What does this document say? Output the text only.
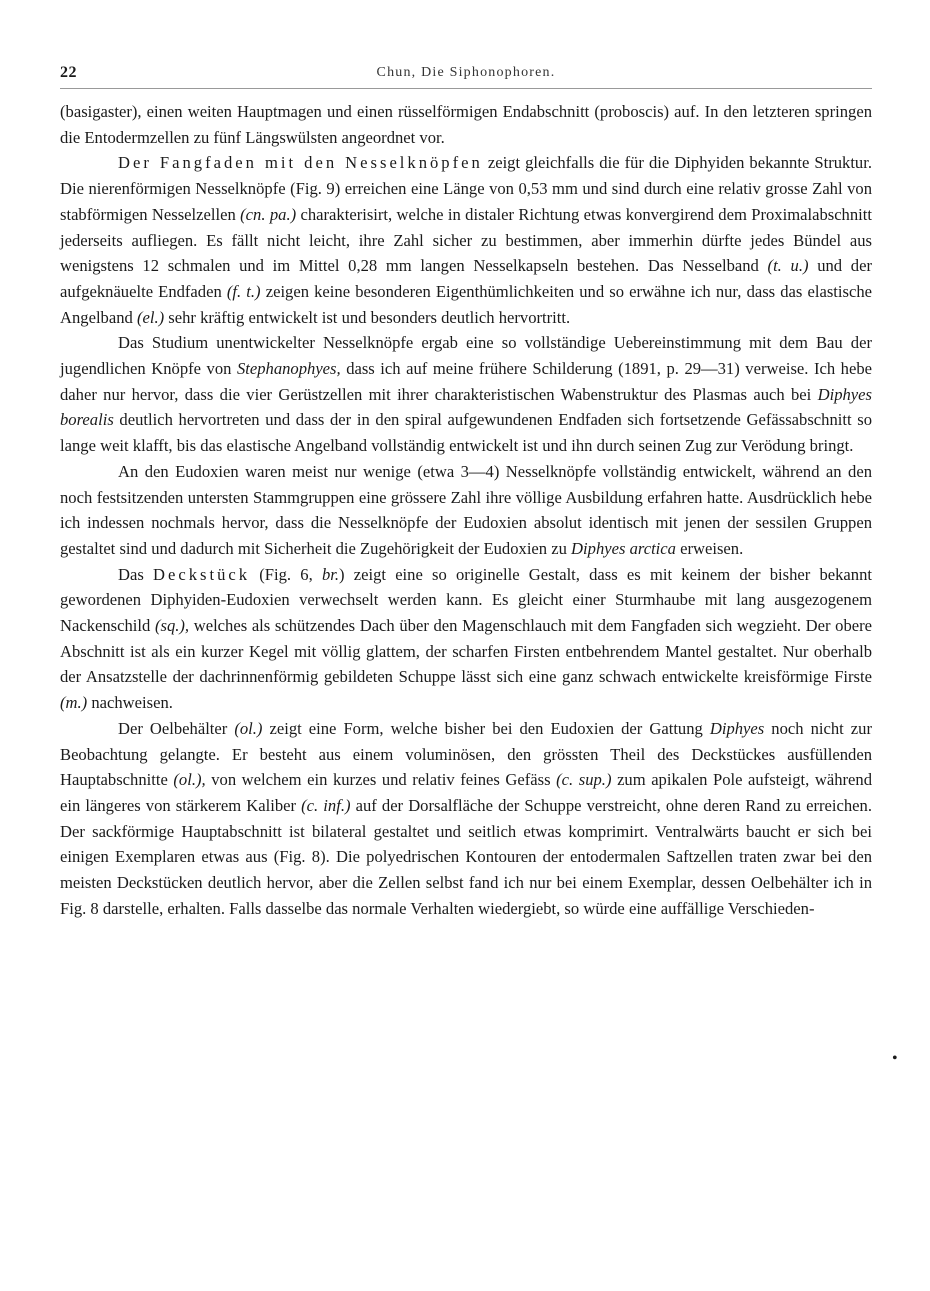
22	Chun, Die Siphonophoren.

(basigaster), einen weiten Hauptmagen und einen rüsselförmigen Endabschnitt (proboscis) auf. In den letzteren springen die Entodermzellen zu fünf Längswülsten angeordnet vor.

Der Fangfaden mit den Nesselknöpfen zeigt gleichfalls die für die Diphyiden bekannte Struktur. Die nierenförmigen Nesselknöpfe (Fig. 9) erreichen eine Länge von 0,53 mm und sind durch eine relativ grosse Zahl von stabförmigen Nesselzellen (cn. pa.) charakterisirt, welche in distaler Richtung etwas konvergirend dem Proximalabschnitt jederseits aufliegen. Es fällt nicht leicht, ihre Zahl sicher zu bestimmen, aber immerhin dürfte jedes Bündel aus wenigstens 12 schmalen und im Mittel 0,28 mm langen Nesselkapseln bestehen. Das Nesselband (t. u.) und der aufgeknäuelte Endfaden (f. t.) zeigen keine besonderen Eigenthümlichkeiten und so erwähne ich nur, dass das elastische Angelband (el.) sehr kräftig entwickelt ist und besonders deutlich hervortritt.

Das Studium unentwickelter Nesselknöpfe ergab eine so vollständige Uebereinstimmung mit dem Bau der jugendlichen Knöpfe von Stephanophyes, dass ich auf meine frühere Schilderung (1891, p. 29—31) verweise. Ich hebe daher nur hervor, dass die vier Gerüstzellen mit ihrer charakteristischen Wabenstruktur des Plasmas auch bei Diphyes borealis deutlich hervortreten und dass der in den spiral aufgewundenen Endfaden sich fortsetzende Gefässabschnitt so lange weit klafft, bis das elastische Angelband vollständig entwickelt ist und ihn durch seinen Zug zur Verödung bringt.

An den Eudoxien waren meist nur wenige (etwa 3—4) Nesselknöpfe vollständig entwickelt, während an den noch festsitzenden untersten Stammgruppen eine grössere Zahl ihre völlige Ausbildung erfahren hatte. Ausdrücklich hebe ich indessen nochmals hervor, dass die Nesselknöpfe der Eudoxien absolut identisch mit jenen der sessilen Gruppen gestaltet sind und dadurch mit Sicherheit die Zugehörigkeit der Eudoxien zu Diphyes arctica erweisen.

Das Deckstück (Fig. 6, br.) zeigt eine so originelle Gestalt, dass es mit keinem der bisher bekannt gewordenen Diphyiden-Eudoxien verwechselt werden kann. Es gleicht einer Sturmhaube mit lang ausgezogenem Nackenschild (sq.), welches als schützendes Dach über den Magenschlauch mit dem Fangfaden sich wegzieht. Der obere Abschnitt ist als ein kurzer Kegel mit völlig glattem, der scharfen Firsten entbehrendem Mantel gestaltet. Nur oberhalb der Ansatzstelle der dachrinnenförmig gebildeten Schuppe lässt sich eine ganz schwach entwickelte kreisförmige Firste (m.) nachweisen.

Der Oelbehälter (ol.) zeigt eine Form, welche bisher bei den Eudoxien der Gattung Diphyes noch nicht zur Beobachtung gelangte. Er besteht aus einem voluminösen, den grössten Theil des Deckstückes ausfüllenden Hauptabschnitte (ol.), von welchem ein kurzes und relativ feines Gefäss (c. sup.) zum apikalen Pole aufsteigt, während ein längeres von stärkerem Kaliber (c. inf.) auf der Dorsalfläche der Schuppe verstreicht, ohne deren Rand zu erreichen. Der sackförmige Hauptabschnitt ist bilateral gestaltet und seitlich etwas komprimirt. Ventralwärts baucht er sich bei einigen Exemplaren etwas aus (Fig. 8). Die polyedrischen Kontouren der entodermalen Saftzellen traten zwar bei den meisten Deckstücken deutlich hervor, aber die Zellen selbst fand ich nur bei einem Exemplar, dessen Oelbehälter ich in Fig. 8 darstelle, erhalten. Falls dasselbe das normale Verhalten wiedergiebt, so würde eine auffällige Verschieden-

•
